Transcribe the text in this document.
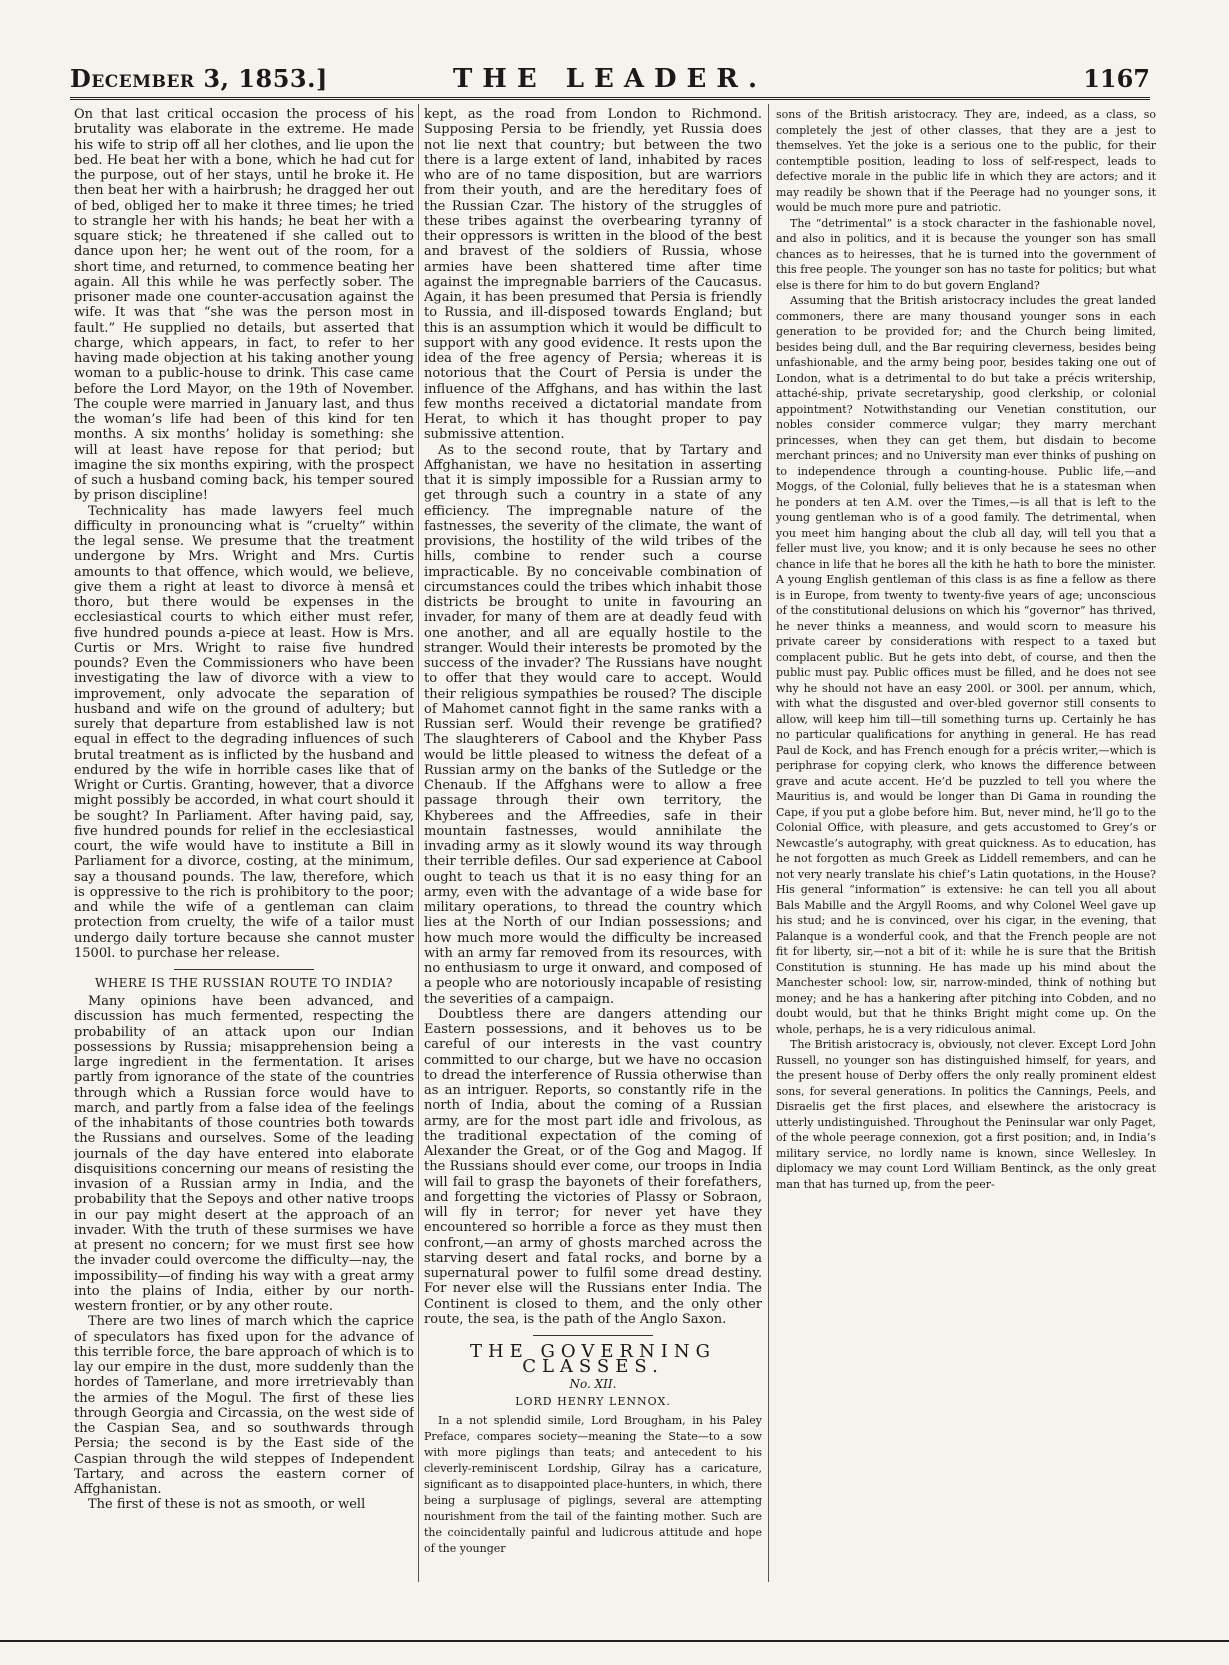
THE LEADER.
December 3, 1853.]	1167

On that last critical occasion the process of his brutality was elaborate in the extreme. He made his wife to strip off all her clothes, and lie upon the bed. He beat her with a bone, which he had cut for the purpose, out of her stays, until he broke it. He then beat her with a hairbrush; he dragged her out of bed, obliged her to make it three times; he tried to strangle her with his hands; he beat her with a square stick; he threatened if she called out to dance upon her; he went out of the room, for a short time, and returned, to commence beating her again. All this while he was perfectly sober. The prisoner made one counter-accusation against the wife. It was that “she was the person most in fault.” He supplied no details, but asserted that charge, which appears, in fact, to refer to her having made objection at his taking another young woman to a public-house to drink. This case came before the Lord Mayor, on the 19th of November. The couple were married in January last, and thus the woman’s life had been of this kind for ten months. A six months’ holiday is something: she will at least have repose for that period; but imagine the six months expiring, with the prospect of such a husband coming back, his temper soured by prison discipline!

Technicality has made lawyers feel much difficulty in pronouncing what is “cruelty” within the legal sense. We presume that the treatment undergone by Mrs. Wright and Mrs. Curtis amounts to that offence, which would, we believe, give them a right at least to divorce à mensâ et thoro, but there would be expenses in the ecclesiastical courts to which either must refer, five hundred pounds a-piece at least. How is Mrs. Curtis or Mrs. Wright to raise five hundred pounds? Even the Commissioners who have been investigating the law of divorce with a view to improvement, only advocate the separation of husband and wife on the ground of adultery; but surely that departure from established law is not equal in effect to the degrading influences of such brutal treatment as is inflicted by the husband and endured by the wife in horrible cases like that of Wright or Curtis. Granting, however, that a divorce might possibly be accorded, in what court should it be sought? In Parliament. After having paid, say, five hundred pounds for relief in the ecclesiastical court, the wife would have to institute a Bill in Parliament for a divorce, costing, at the minimum, say a thousand pounds. The law, therefore, which is oppressive to the rich is prohibitory to the poor; and while the wife of a gentleman can claim protection from cruelty, the wife of a tailor must undergo daily torture because she cannot muster 1500l. to purchase her release.

WHERE IS THE RUSSIAN ROUTE TO INDIA?

Many opinions have been advanced, and discussion has much fermented, respecting the probability of an attack upon our Indian possessions by Russia; misapprehension being a large ingredient in the fermentation. It arises partly from ignorance of the state of the countries through which a Russian force would have to march, and partly from a false idea of the feelings of the inhabitants of those countries both towards the Russians and ourselves. Some of the leading journals of the day have entered into elaborate disquisitions concerning our means of resisting the invasion of a Russian army in India, and the probability that the Sepoys and other native troops in our pay might desert at the approach of an invader. With the truth of these surmises we have at present no concern; for we must first see how the invader could overcome the difficulty—nay, the impossibility—of finding his way with a great army into the plains of India, either by our north-western frontier, or by any other route.

There are two lines of march which the caprice of speculators has fixed upon for the advance of this terrible force, the bare approach of which is to lay our empire in the dust, more suddenly than the hordes of Tamerlane, and more irretrievably than the armies of the Mogul. The first of these lies through Georgia and Circassia, on the west side of the Caspian Sea, and so southwards through Persia; the second is by the East side of the Caspian through the wild steppes of Independent Tartary, and across the eastern corner of Affghanistan.

The first of these is not as smooth, or well

kept, as the road from London to Richmond. Supposing Persia to be friendly, yet Russia does not lie next that country; but between the two there is a large extent of land, inhabited by races who are of no tame disposition, but are warriors from their youth, and are the hereditary foes of the Russian Czar. The history of the struggles of these tribes against the overbearing tyranny of their oppressors is written in the blood of the best and bravest of the soldiers of Russia, whose armies have been shattered time after time against the impregnable barriers of the Caucasus. Again, it has been presumed that Persia is friendly to Russia, and ill-disposed towards England; but this is an assumption which it would be difficult to support with any good evidence. It rests upon the idea of the free agency of Persia; whereas it is notorious that the Court of Persia is under the influence of the Affghans, and has within the last few months received a dictatorial mandate from Herat, to which it has thought proper to pay submissive attention.

As to the second route, that by Tartary and Affghanistan, we have no hesitation in asserting that it is simply impossible for a Russian army to get through such a country in a state of any efficiency. The impregnable nature of the fastnesses, the severity of the climate, the want of provisions, the hostility of the wild tribes of the hills, combine to render such a course impracticable. By no conceivable combination of circumstances could the tribes which inhabit those districts be brought to unite in favouring an invader, for many of them are at deadly feud with one another, and all are equally hostile to the stranger. Would their interests be promoted by the success of the invader? The Russians have nought to offer that they would care to accept. Would their religious sympathies be roused? The disciple of Mahomet cannot fight in the same ranks with a Russian serf. Would their revenge be gratified? The slaughterers of Cabool and the Khyber Pass would be little pleased to witness the defeat of a Russian army on the banks of the Sutledge or the Chenaub. If the Affghans were to allow a free passage through their own territory, the Khyberees and the Affreedies, safe in their mountain fastnesses, would annihilate the invading army as it slowly wound its way through their terrible defiles. Our sad experience at Cabool ought to teach us that it is no easy thing for an army, even with the advantage of a wide base for military operations, to thread the country which lies at the North of our Indian possessions; and how much more would the difficulty be increased with an army far removed from its resources, with no enthusiasm to urge it onward, and composed of a people who are notoriously incapable of resisting the severities of a campaign.

Doubtless there are dangers attending our Eastern possessions, and it behoves us to be careful of our interests in the vast country committed to our charge, but we have no occasion to dread the interference of Russia otherwise than as an intriguer. Reports, so constantly rife in the north of India, about the coming of a Russian army, are for the most part idle and frivolous, as the traditional expectation of the coming of Alexander the Great, or of the Gog and Magog. If the Russians should ever come, our troops in India will fail to grasp the bayonets of their forefathers, and forgetting the victories of Plassy or Sobraon, will fly in terror; for never yet have they encountered so horrible a force as they must then confront,—an army of ghosts marched across the starving desert and fatal rocks, and borne by a supernatural power to fulfil some dread destiny. For never else will the Russians enter India. The Continent is closed to them, and the only other route, the sea, is the path of the Anglo Saxon.

THE GOVERNING CLASSES.
No. XII.
LORD HENRY LENNOX.

In a not splendid simile, Lord Brougham, in his Paley Preface, compares society—meaning the State—to a sow with more piglings than teats; and antecedent to his cleverly-reminiscent Lordship, Gilray has a caricature, significant as to disappointed place-hunters, in which, there being a surplusage of piglings, several are attempting nourishment from the tail of the fainting mother. Such are the coincidentally painful and ludicrous attitude and hope of the younger

sons of the British aristocracy. They are, indeed, as a class, so completely the jest of other classes, that they are a jest to themselves. Yet the joke is a serious one to the public, for their contemptible position, leading to loss of self-respect, leads to defective morale in the public life in which they are actors; and it may readily be shown that if the Peerage had no younger sons, it would be much more pure and patriotic.

The “detrimental” is a stock character in the fashionable novel, and also in politics, and it is because the younger son has small chances as to heiresses, that he is turned into the government of this free people. The younger son has no taste for politics; but what else is there for him to do but govern England?

Assuming that the British aristocracy includes the great landed commoners, there are many thousand younger sons in each generation to be provided for; and the Church being limited, besides being dull, and the Bar requiring cleverness, besides being unfashionable, and the army being poor, besides taking one out of London, what is a detrimental to do but take a précis writership, attaché-ship, private secretaryship, good clerkship, or colonial appointment? Notwithstanding our Venetian constitution, our nobles consider commerce vulgar; they marry merchant princesses, when they can get them, but disdain to become merchant princes; and no University man ever thinks of pushing on to independence through a counting-house. Public life,—and Moggs, of the Colonial, fully believes that he is a statesman when he ponders at ten A.M. over the Times,—is all that is left to the young gentleman who is of a good family. The detrimental, when you meet him hanging about the club all day, will tell you that a feller must live, you know; and it is only because he sees no other chance in life that he bores all the kith he hath to bore the minister. A young English gentleman of this class is as fine a fellow as there is in Europe, from twenty to twenty-five years of age; unconscious of the constitutional delusions on which his “governor” has thrived, he never thinks a meanness, and would scorn to measure his private career by considerations with respect to a taxed but complacent public. But he gets into debt, of course, and then the public must pay. Public offices must be filled, and he does not see why he should not have an easy 200l. or 300l. per annum, which, with what the disgusted and over-bled governor still consents to allow, will keep him till—till something turns up. Certainly he has no particular qualifications for anything in general. He has read Paul de Kock, and has French enough for a précis writer,—which is periphrase for copying clerk, who knows the difference between grave and acute accent. He’d be puzzled to tell you where the Mauritius is, and would be longer than Di Gama in rounding the Cape, if you put a globe before him. But, never mind, he’ll go to the Colonial Office, with pleasure, and gets accustomed to Grey’s or Newcastle’s autography, with great quickness. As to education, has he not forgotten as much Greek as Liddell remembers, and can he not very nearly translate his chief’s Latin quotations, in the House? His general “information” is extensive: he can tell you all about Bals Mabille and the Argyll Rooms, and why Colonel Weel gave up his stud; and he is convinced, over his cigar, in the evening, that Palanque is a wonderful cook, and that the French people are not fit for liberty, sir,—not a bit of it: while he is sure that the British Constitution is stunning. He has made up his mind about the Manchester school: low, sir, narrow-minded, think of nothing but money; and he has a hankering after pitching into Cobden, and no doubt would, but that he thinks Bright might come up. On the whole, perhaps, he is a very ridiculous animal.

The British aristocracy is, obviously, not clever. Except Lord John Russell, no younger son has distinguished himself, for years, and the present house of Derby offers the only really prominent eldest sons, for several generations. In politics the Cannings, Peels, and Disraelis get the first places, and elsewhere the aristocracy is utterly undistinguished. Throughout the Peninsular war only Paget, of the whole peerage connexion, got a first position; and, in India’s military service, no lordly name is known, since Wellesley. In diplomacy we may count Lord William Bentinck, as the only great man that has turned up, from the peer-
